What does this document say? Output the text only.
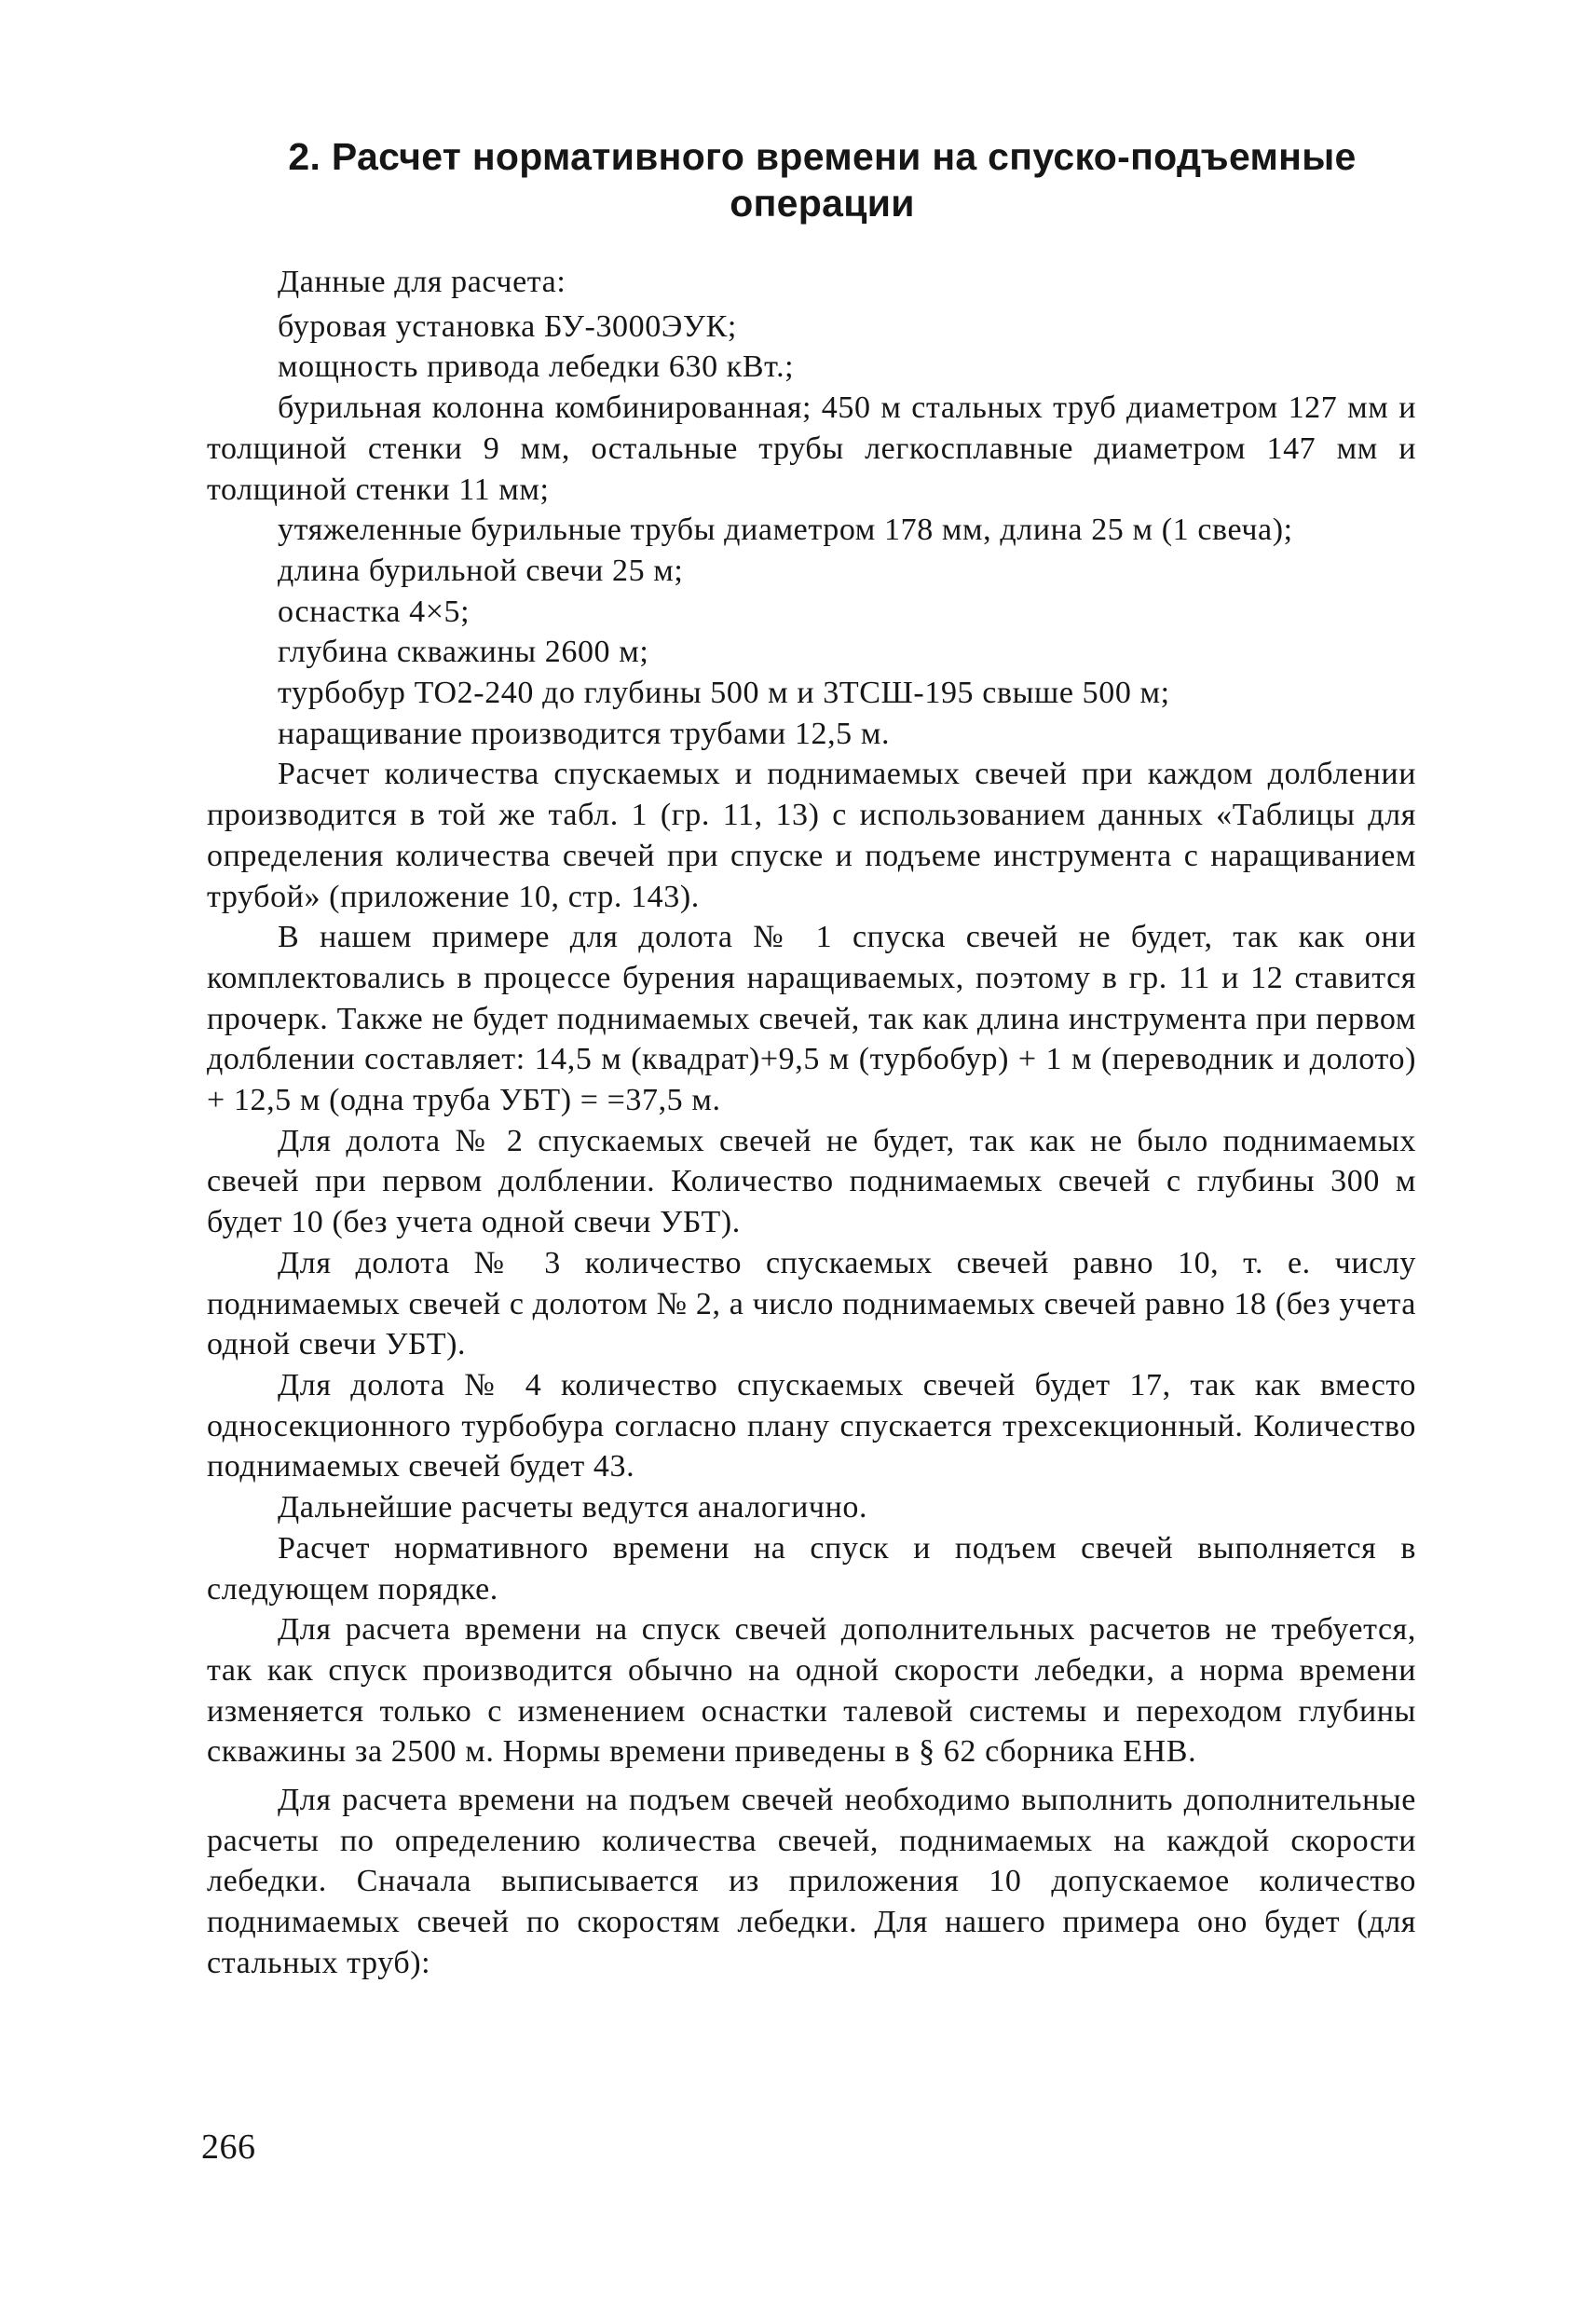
2. Расчет нормативного времени на спуско-подъемные
операции

Данные для расчета:

буровая установка БУ-3000ЭУК;

мощность привода лебедки 630 кВт.;

бурильная колонна комбинированная; 450 м стальных труб диаметром 127 мм и толщиной стенки 9 мм, остальные трубы легкосплавные диаметром 147 мм и толщиной стенки 11 мм;

утяжеленные бурильные трубы диаметром 178 мм, длина 25 м (1 свеча);

длина бурильной свечи 25 м;

оснастка 4×5;

глубина скважины 2600 м;

турбобур ТО2-240 до глубины 500 м и 3ТСШ-195 свыше 500 м;

наращивание производится трубами 12,5 м.

Расчет количества спускаемых и поднимаемых свечей при каждом долблении производится в той же табл. 1 (гр. 11, 13) с использованием данных «Таблицы для определения количества свечей при спуске и подъеме инструмента с наращиванием трубой» (приложение 10, стр. 143).

В нашем примере для долота № 1 спуска свечей не будет, так как они комплектовались в процессе бурения наращиваемых, поэтому в гр. 11 и 12 ставится прочерк. Также не будет поднимаемых свечей, так как длина инструмента при первом долблении составляет: 14,5 м (квадрат)+9,5 м (турбобур) + 1 м (переводник и долото) + 12,5 м (одна труба УБТ) = =37,5 м.

Для долота № 2 спускаемых свечей не будет, так как не было поднимаемых свечей при первом долблении. Количество поднимаемых свечей с глубины 300 м будет 10 (без учета одной свечи УБТ).

Для долота № 3 количество спускаемых свечей равно 10, т. е. числу поднимаемых свечей с долотом № 2, а число поднимаемых свечей равно 18 (без учета одной свечи УБТ).

Для долота № 4 количество спускаемых свечей будет 17, так как вместо односекционного турбобура согласно плану спускается трехсекционный. Количество поднимаемых свечей будет 43.

Дальнейшие расчеты ведутся аналогично.

Расчет нормативного времени на спуск и подъем свечей выполняется в следующем порядке.

Для расчета времени на спуск свечей дополнительных расчетов не требуется, так как спуск производится обычно на одной скорости лебедки, а норма времени изменяется только с изменением оснастки талевой системы и переходом глубины скважины за 2500 м. Нормы времени приведены в § 62 сборника ЕНВ.

Для расчета времени на подъем свечей необходимо выполнить дополнительные расчеты по определению количества свечей, поднимаемых на каждой скорости лебедки. Сначала выписывается из приложения 10 допускаемое количество поднимаемых свечей по скоростям лебедки. Для нашего примера оно будет (для стальных труб):

266
